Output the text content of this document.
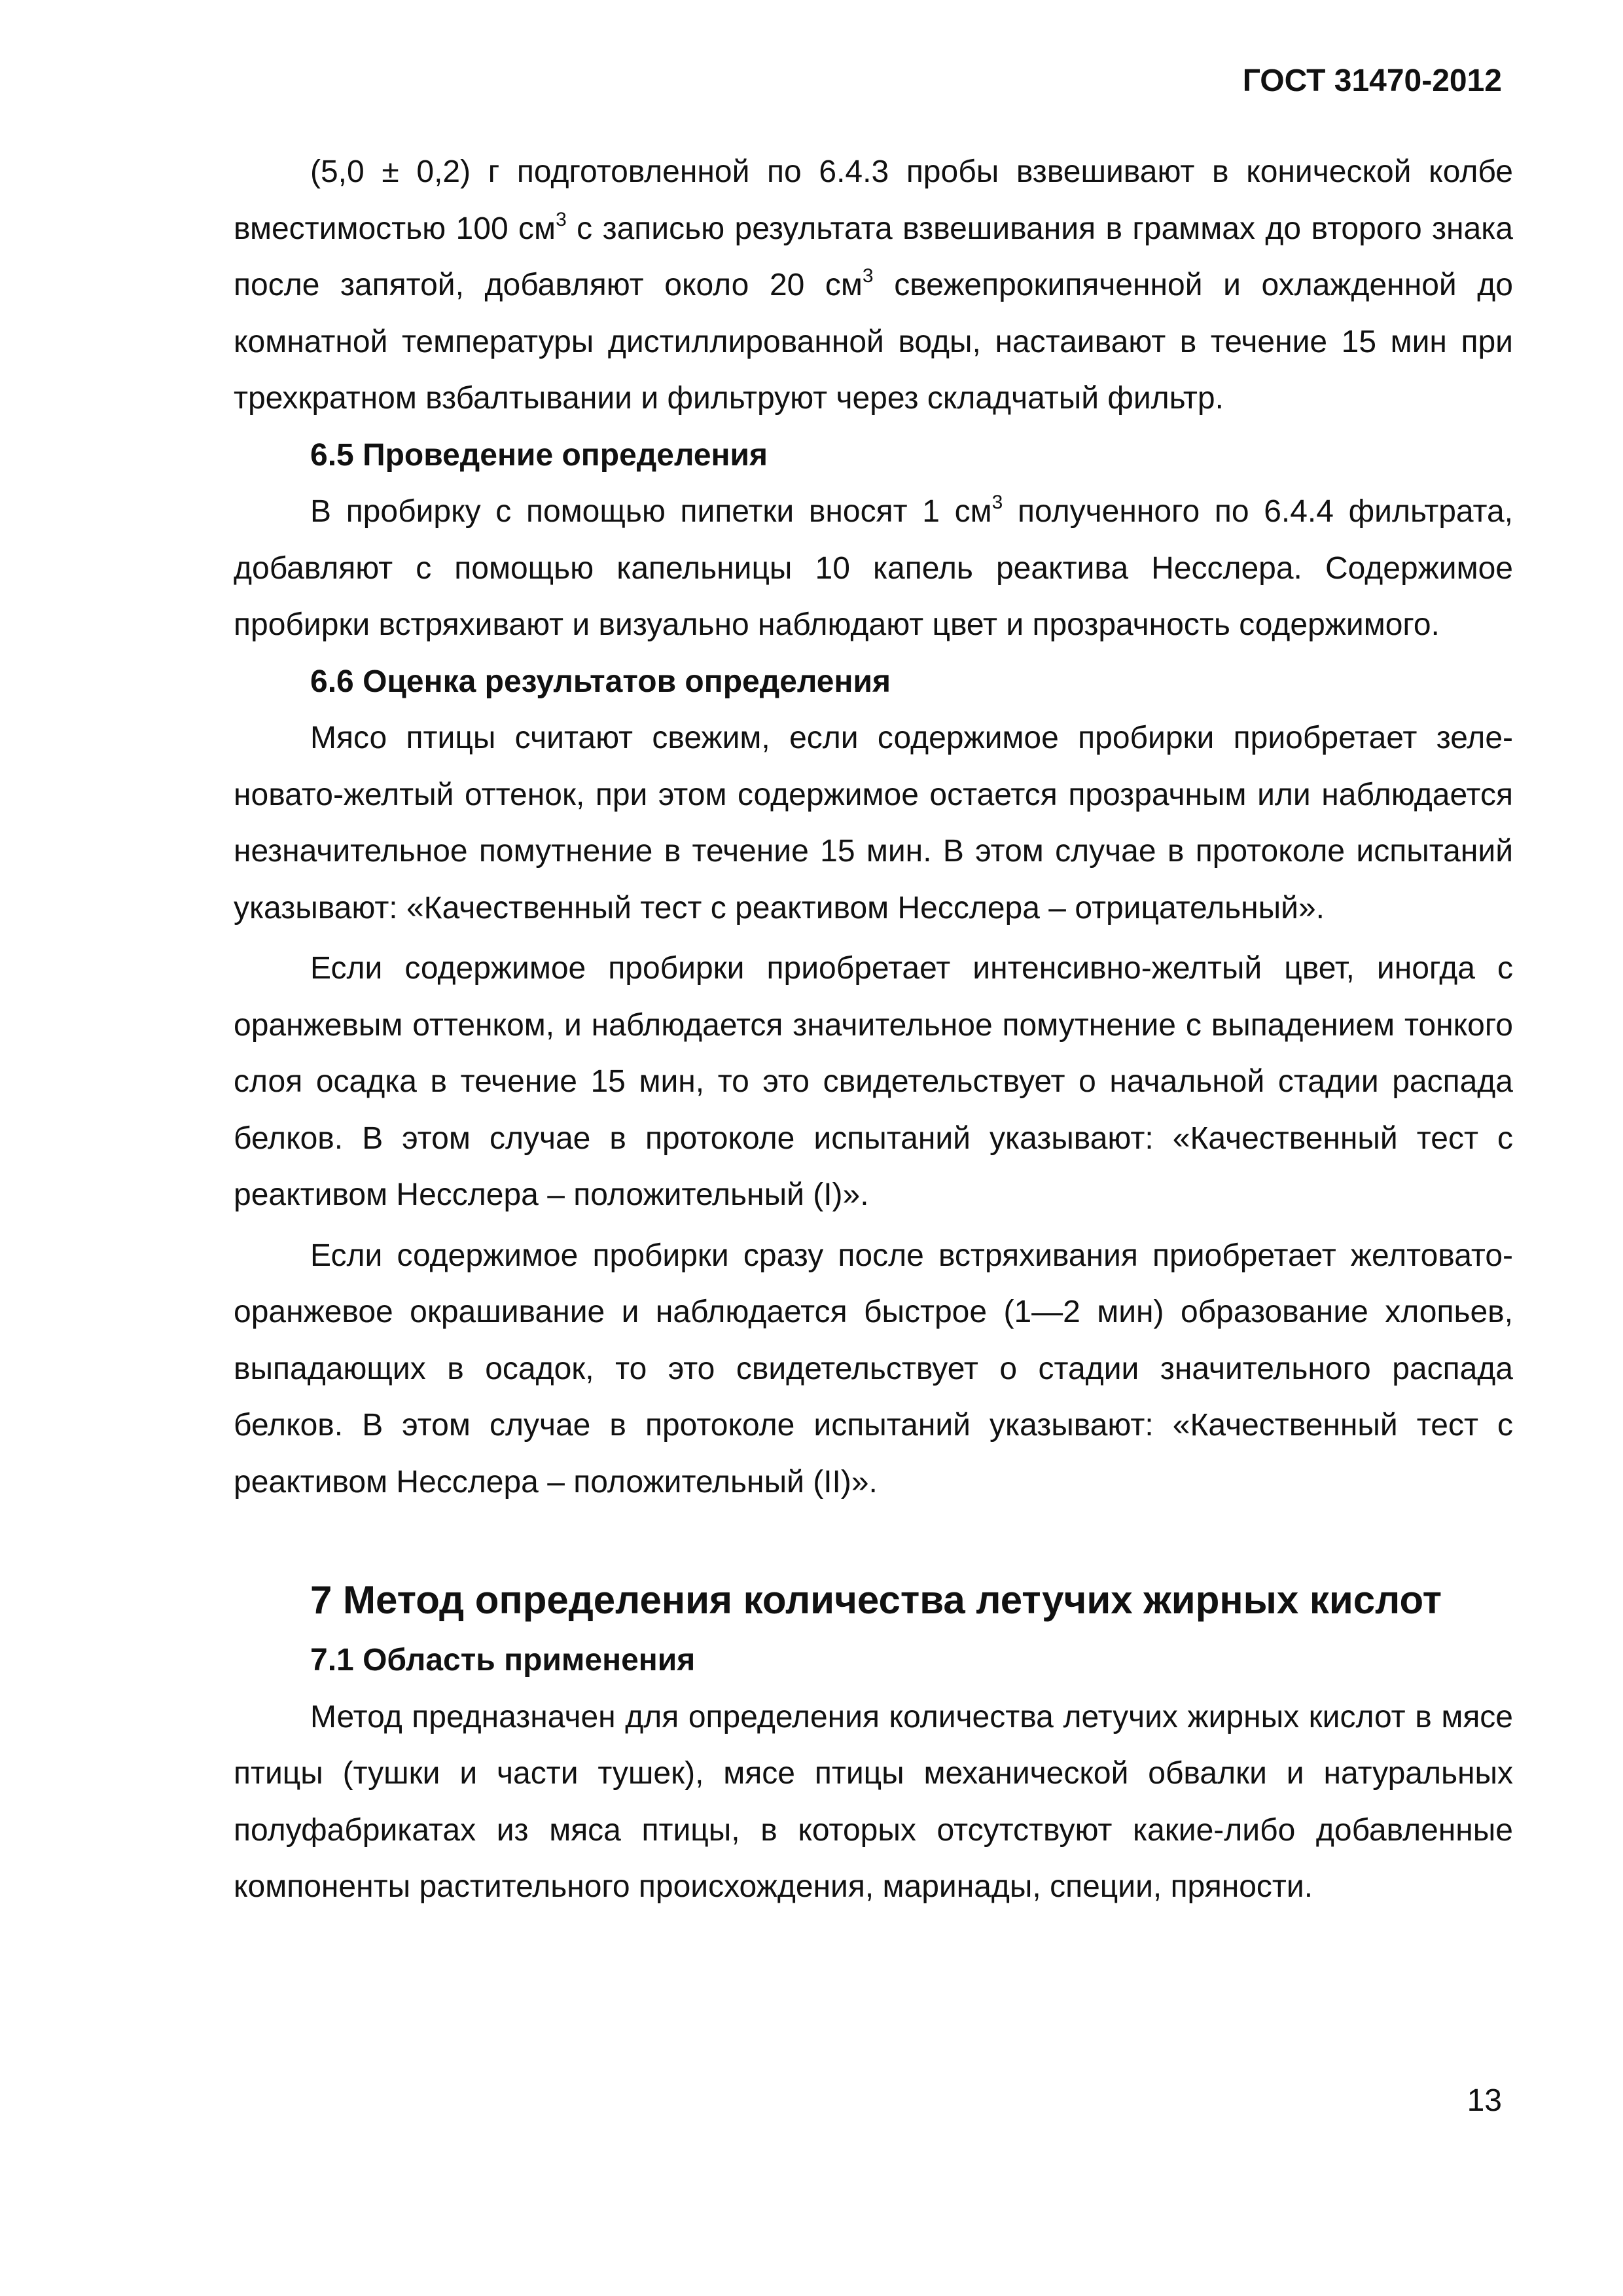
ГОСТ 31470-2012

(5,0 ± 0,2) г подготовленной по 6.4.3 пробы взвешивают в конической колбе вместимостью 100 $см^3$ с записью результата взвешивания в граммах до второго знака после запятой, добавляют около 20 $см^3$ свежепрокипяченной и охлажденной до комнатной температуры дистиллированной воды, настаивают в течение 15 мин при трехкратном взбалтывании и фильтруют через складчатый фильтр.

6.5 Проведение определения

В пробирку с помощью пипетки вносят 1 $см^3$ полученного по 6.4.4 фильтрата, добавляют с помощью капельницы 10 капель реактива Несслера. Содержимое пробирки встряхивают и визуально наблюдают цвет и прозрачность содержимого.

6.6 Оценка результатов определения

Мясо птицы считают свежим, если содержимое пробирки приобретает зеленовато-желтый оттенок, при этом содержимое остается прозрачным или наблюдается незначительное помутнение в течение 15 мин. В этом случае в протоколе испытаний указывают: «Качественный тест с реактивом Несслера – отрицательный».

Если содержимое пробирки приобретает интенсивно-желтый цвет, иногда с оранжевым оттенком, и наблюдается значительное помутнение с выпадением тонкого слоя осадка в течение 15 мин, то это свидетельствует о начальной стадии распада белков. В этом случае в протоколе испытаний указывают: «Качественный тест с реактивом Несслера – положительный (I)».

Если содержимое пробирки сразу после встряхивания приобретает желтовато-оранжевое окрашивание и наблюдается быстрое (1—2 мин) образование хлопьев, выпадающих в осадок, то это свидетельствует о стадии значительного распада белков. В этом случае в протоколе испытаний указывают: «Качественный тест с реактивом Несслера – положительный (II)».

7 Метод определения количества летучих жирных кислот
7.1 Область применения

Метод предназначен для определения количества летучих жирных кислот в мясе птицы (тушки и части тушек), мясе птицы механической обвалки и натуральных полуфабрикатах из мяса птицы, в которых отсутствуют какие-либо добавленные компоненты растительного происхождения, маринады, специи, пряности.

13
